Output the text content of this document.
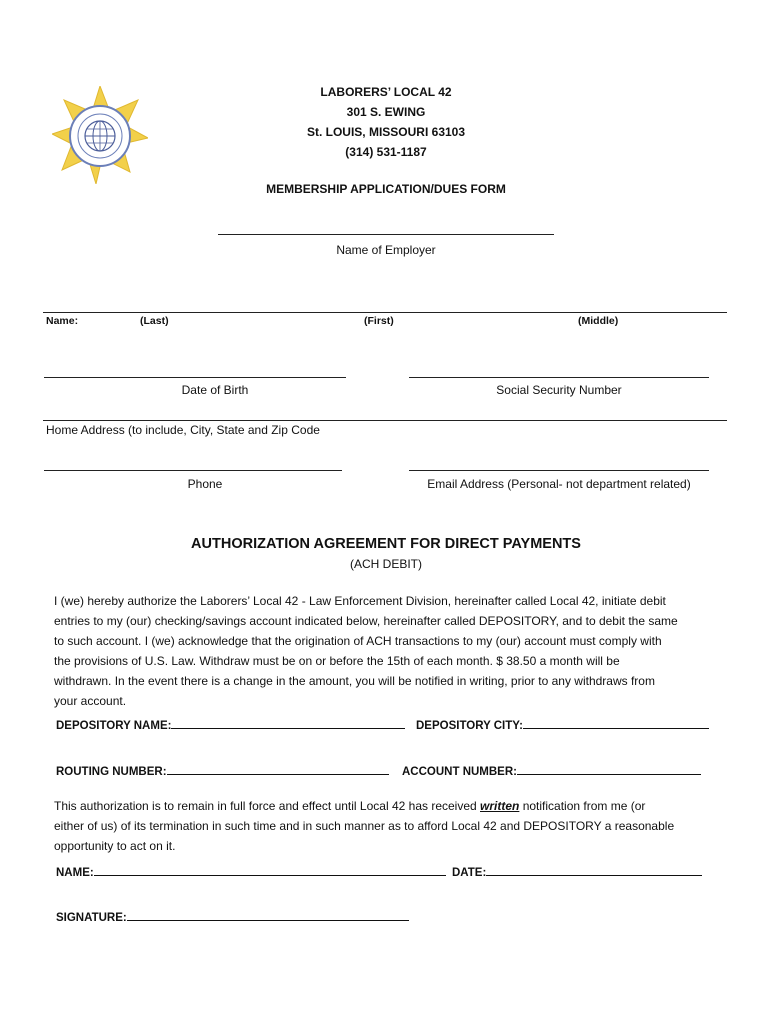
LABORERS’ LOCAL 42
301 S. EWING
St. LOUIS, MISSOURI 63103
(314) 531-1187
MEMBERSHIP APPLICATION/DUES FORM
Name of Employer
Name:	(Last)	(First)	(Middle)
Date of Birth	Social Security Number
Home Address (to include, City, State and Zip Code
Phone	Email Address (Personal- not department related)
AUTHORIZATION AGREEMENT FOR DIRECT PAYMENTS
(ACH DEBIT)
I (we) hereby authorize the Laborers’ Local 42 - Law Enforcement Division, hereinafter called Local 42, initiate debit
entries to my (our) checking/savings account indicated below, hereinafter called DEPOSITORY, and to debit the same
to such account. I (we) acknowledge that the origination of ACH transactions to my (our) account must comply with
the provisions of U.S. Law. Withdraw must be on or before the 15th of each month. $ 38.50 a month will be
withdrawn. In the event there is a change in the amount, you will be notified in writing, prior to any withdraws from
your account.
DEPOSITORY NAME:	DEPOSITORY CITY:
ROUTING NUMBER:	ACCOUNT NUMBER:
This authorization is to remain in full force and effect until Local 42 has received written notification from me (or
either of us) of its termination in such time and in such manner as to afford Local 42 and DEPOSITORY a reasonable
opportunity to act on it.
NAME:	DATE:
SIGNATURE:
